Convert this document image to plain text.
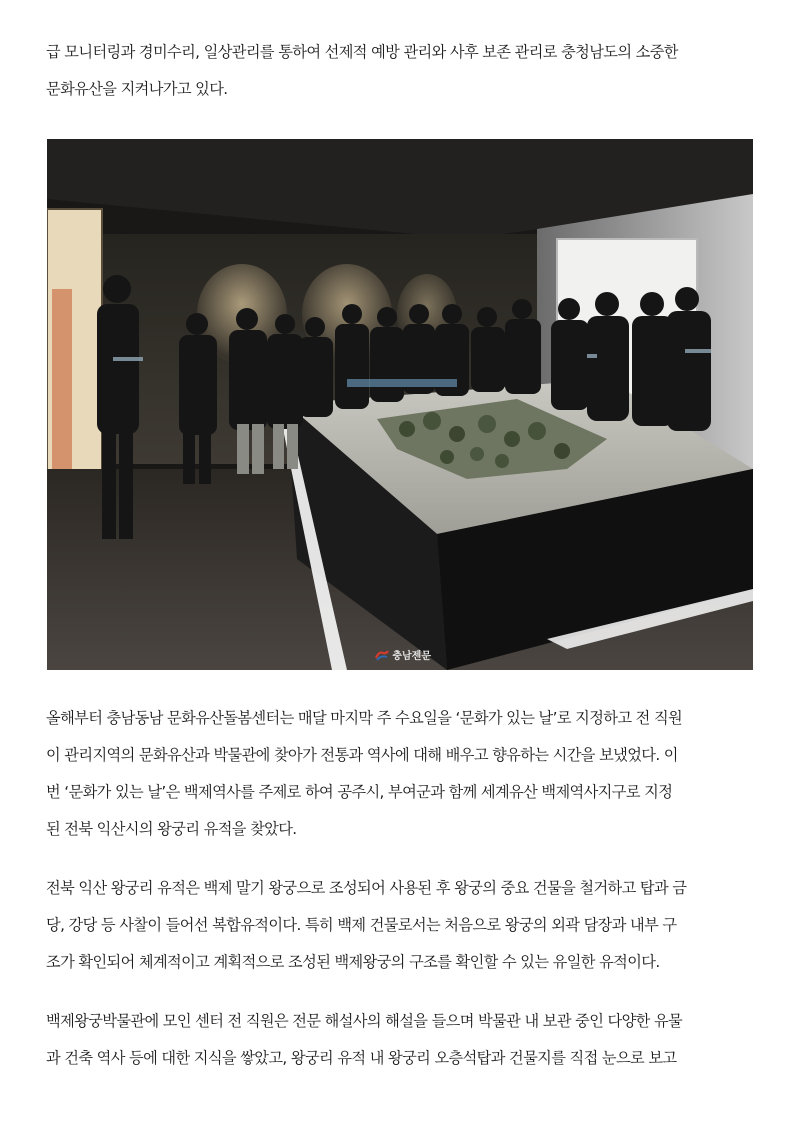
급 모니터링과 경미수리, 일상관리를 통하여 선제적 예방 관리와 사후 보존 관리로 충청남도의 소중한
문화유산을 지켜나가고 있다.

충남젠문

올해부터 충남동남 문화유산돌봄센터는 매달 마지막 주 수요일을 ‘문화가 있는 날’로 지정하고 전 직원
이 관리지역의 문화유산과 박물관에 찾아가 전통과 역사에 대해 배우고 향유하는 시간을 보냈었다. 이
번 ‘문화가 있는 날’은 백제역사를 주제로 하여 공주시, 부여군과 함께 세계유산 백제역사지구로 지정
된 전북 익산시의 왕궁리 유적을 찾았다.

전북 익산 왕궁리 유적은 백제 말기 왕궁으로 조성되어 사용된 후 왕궁의 중요 건물을 철거하고 탑과 금
당, 강당 등 사찰이 들어선 복합유적이다. 특히 백제 건물로서는 처음으로 왕궁의 외곽 담장과 내부 구
조가 확인되어 체계적이고 계획적으로 조성된 백제왕궁의 구조를 확인할 수 있는 유일한 유적이다.

백제왕궁박물관에 모인 센터 전 직원은 전문 해설사의 해설을 들으며 박물관 내 보관 중인 다양한 유물
과 건축 역사 등에 대한 지식을 쌓았고, 왕궁리 유적 내 왕궁리 오층석탑과 건물지를 직접 눈으로 보고
